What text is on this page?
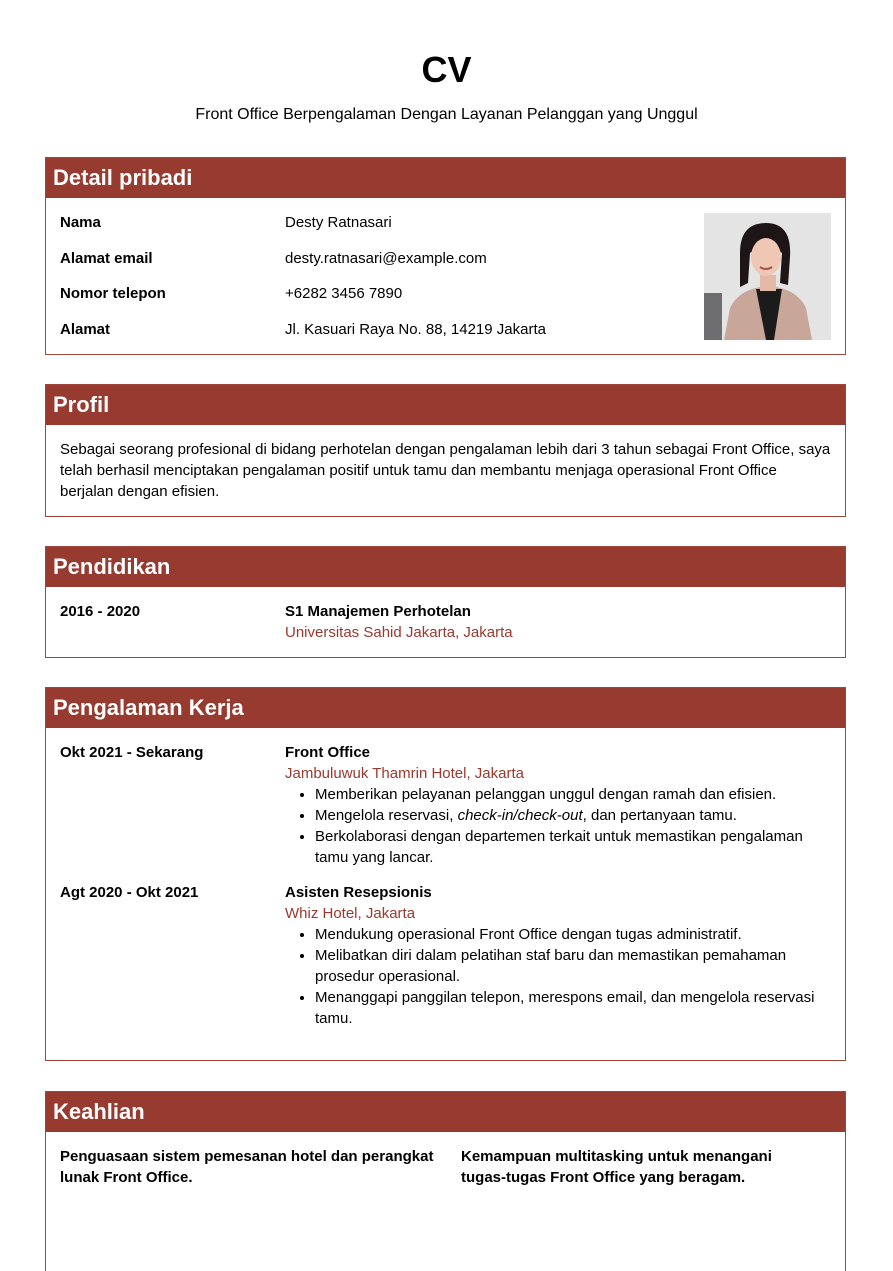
CV
Front Office Berpengalaman Dengan Layanan Pelanggan yang Unggul
Detail pribadi
Nama	Desty Ratnasari
Alamat email	desty.ratnasari@example.com
Nomor telepon	+6282 3456 7890
Alamat	Jl. Kasuari Raya No. 88, 14219 Jakarta
Profil
Sebagai seorang profesional di bidang perhotelan dengan pengalaman lebih dari 3 tahun sebagai Front Office, saya telah berhasil menciptakan pengalaman positif untuk tamu dan membantu menjaga operasional Front Office berjalan dengan efisien.
Pendidikan
2016 - 2020	S1 Manajemen Perhotelan
Universitas Sahid Jakarta, Jakarta
Pengalaman Kerja
Okt 2021 - Sekarang	Front Office
Jambuluwuk Thamrin Hotel, Jakarta
• Memberikan pelayanan pelanggan unggul dengan ramah dan efisien.
• Mengelola reservasi, check-in/check-out, dan pertanyaan tamu.
• Berkolaborasi dengan departemen terkait untuk memastikan pengalaman tamu yang lancar.
Agt 2020 - Okt 2021	Asisten Resepsionis
Whiz Hotel, Jakarta
• Mendukung operasional Front Office dengan tugas administratif.
• Melibatkan diri dalam pelatihan staf baru dan memastikan pemahaman prosedur operasional.
• Menanggapi panggilan telepon, merespons email, dan mengelola reservasi tamu.
Keahlian
Penguasaan sistem pemesanan hotel dan perangkat lunak Front Office.
Kemampuan multitasking untuk menangani tugas-tugas Front Office yang beragam.
